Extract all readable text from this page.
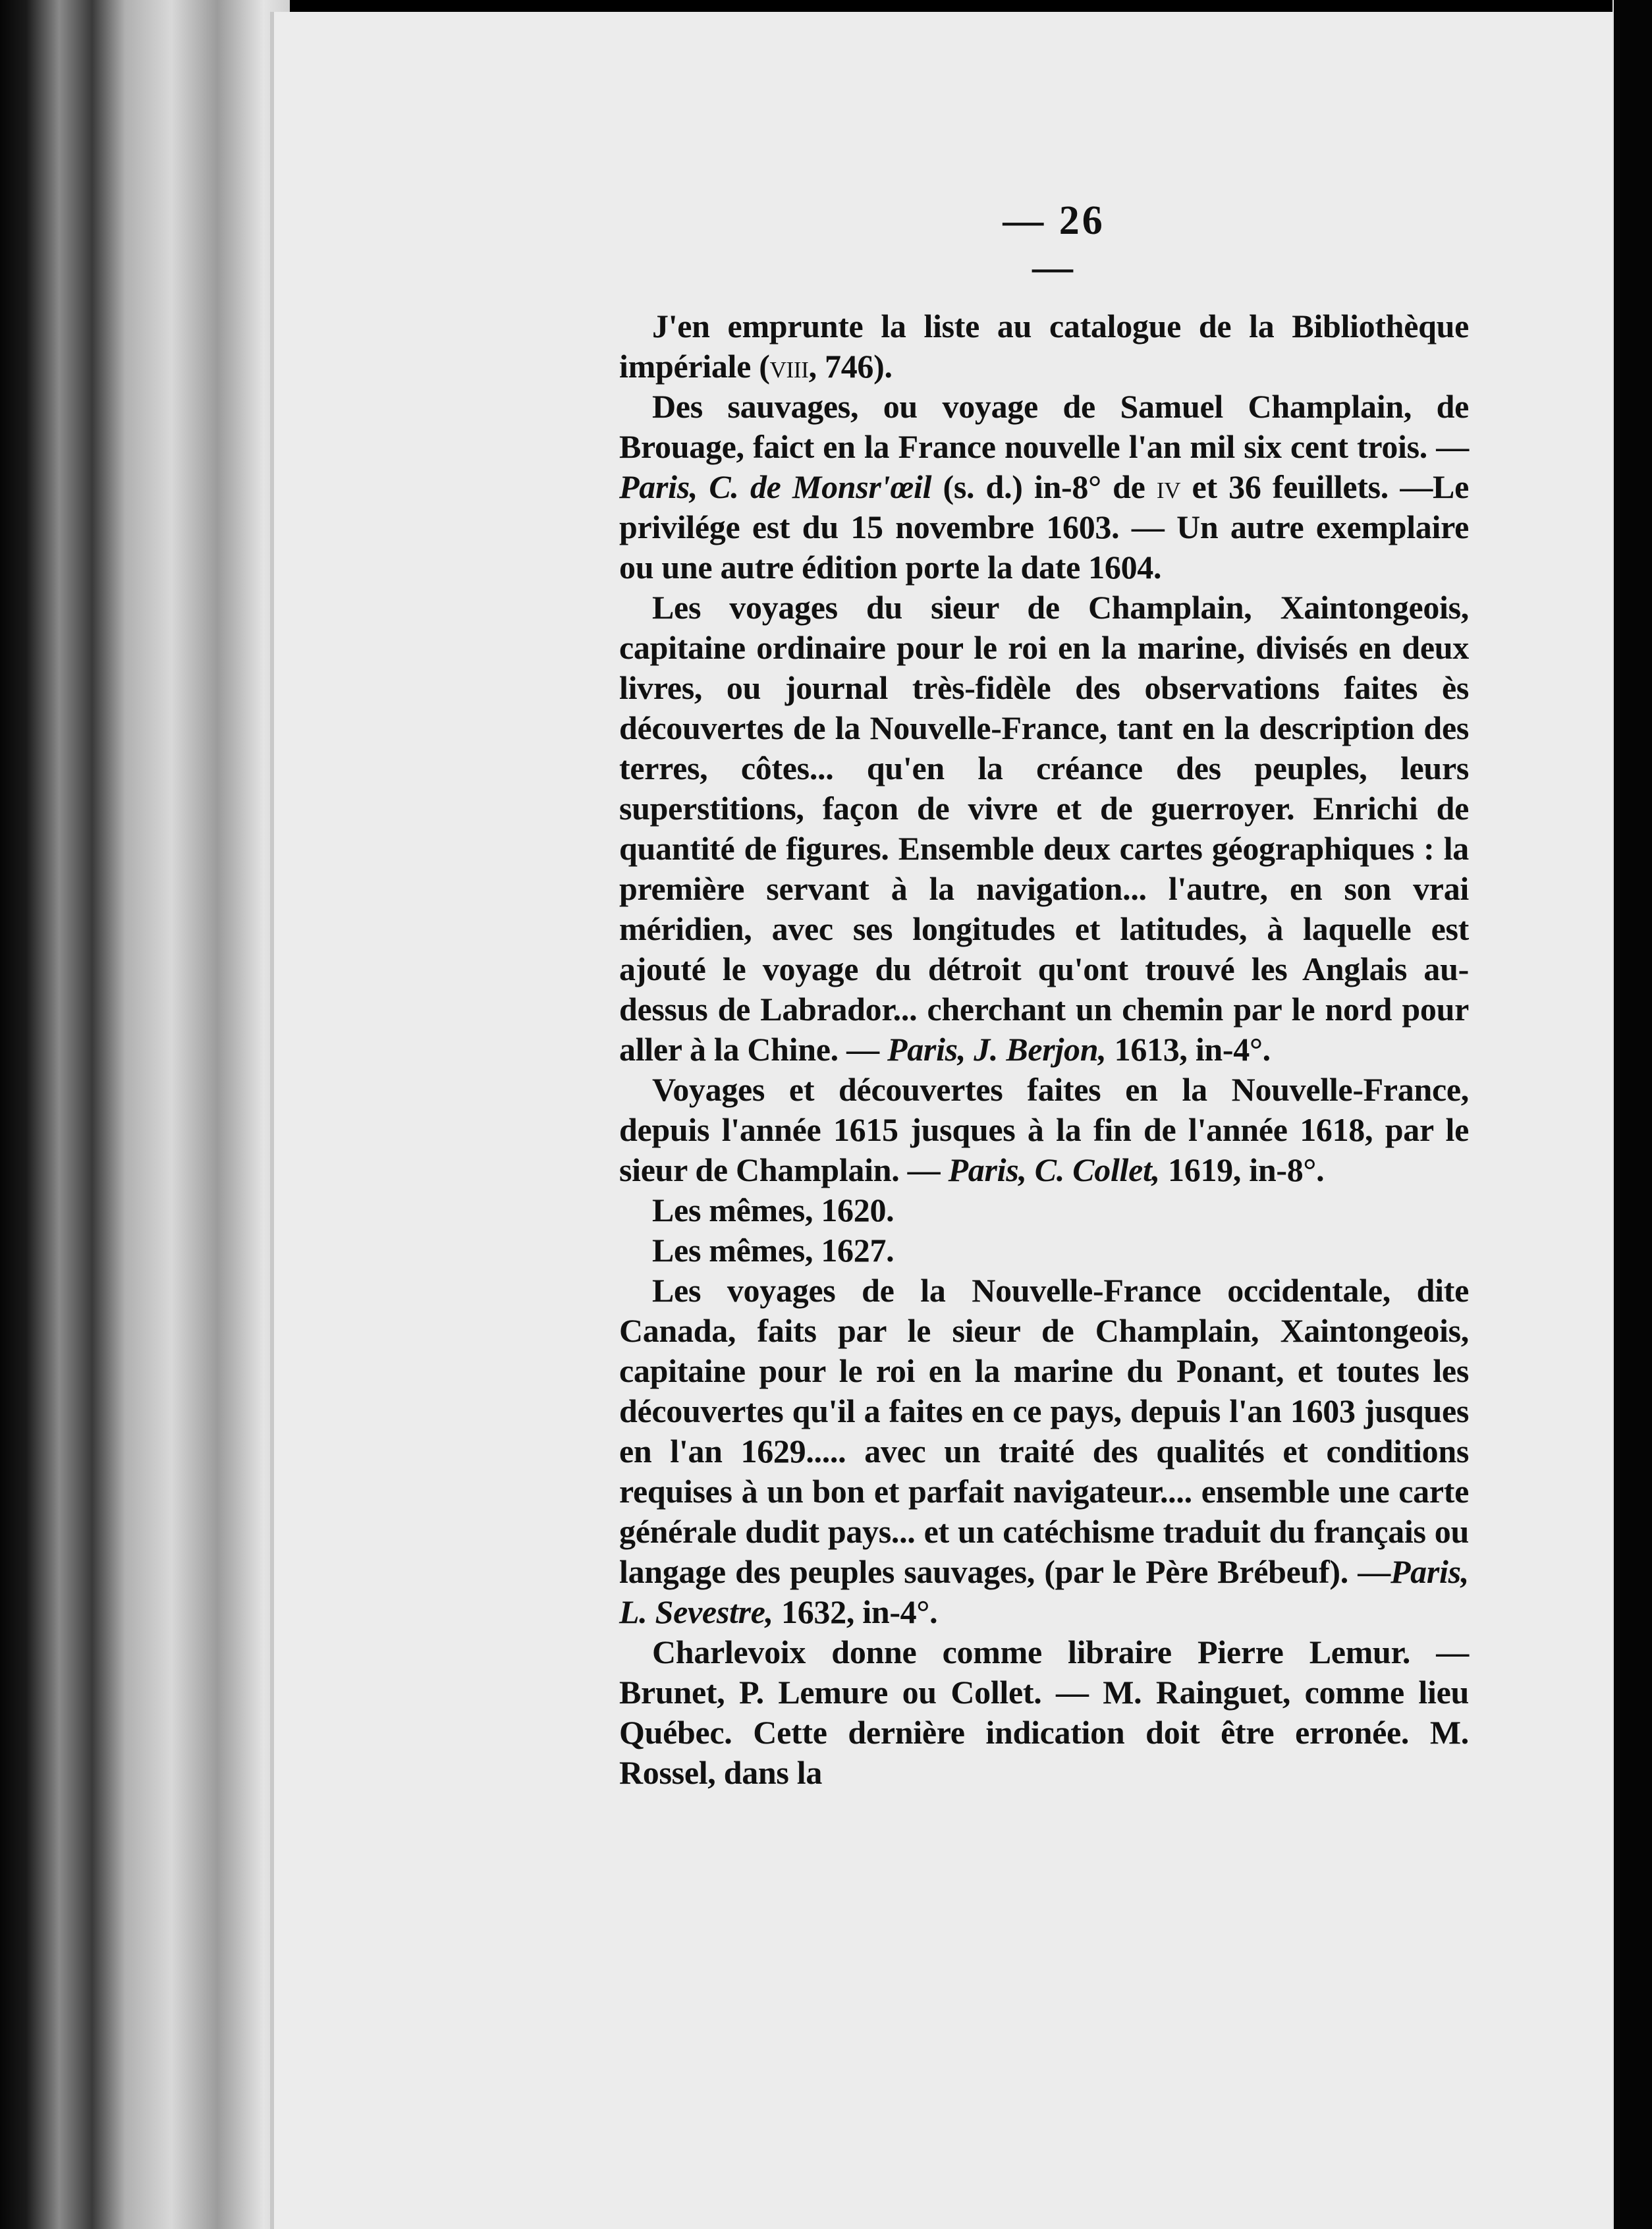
— 26 —

J'en emprunte la liste au catalogue de la Bibliothèque impériale (viii, 746).

Des sauvages, ou voyage de Samuel Champlain, de Brouage, faict en la France nouvelle l'an mil six cent trois. — Paris, C. de Monsr'œil (s. d.) in-8° de iv et 36 feuillets. —Le privilége est du 15 novembre 1603. — Un autre exemplaire ou une autre édition porte la date 1604.

Les voyages du sieur de Champlain, Xaintongeois, capitaine ordinaire pour le roi en la marine, divisés en deux livres, ou journal très-fidèle des observations faites ès découvertes de la Nouvelle-France, tant en la description des terres, côtes... qu'en la créance des peuples, leurs superstitions, façon de vivre et de guerroyer. Enrichi de quantité de figures. Ensemble deux cartes géographiques : la première servant à la navigation... l'autre, en son vrai méridien, avec ses longitudes et latitudes, à laquelle est ajouté le voyage du détroit qu'ont trouvé les Anglais au-dessus de Labrador... cherchant un chemin par le nord pour aller à la Chine. — Paris, J. Berjon, 1613, in-4°.

Voyages et découvertes faites en la Nouvelle-France, depuis l'année 1615 jusques à la fin de l'année 1618, par le sieur de Champlain. — Paris, C. Collet, 1619, in-8°.

Les mêmes, 1620.

Les mêmes, 1627.

Les voyages de la Nouvelle-France occidentale, dite Canada, faits par le sieur de Champlain, Xaintongeois, capitaine pour le roi en la marine du Ponant, et toutes les découvertes qu'il a faites en ce pays, depuis l'an 1603 jusques en l'an 1629..... avec un traité des qualités et conditions requises à un bon et parfait navigateur.... ensemble une carte générale dudit pays... et un catéchisme traduit du français ou langage des peuples sauvages, (par le Père Brébeuf). —Paris, L. Sevestre, 1632, in-4°.

Charlevoix donne comme libraire Pierre Lemur. — Brunet, P. Lemure ou Collet. — M. Rainguet, comme lieu Québec. Cette dernière indication doit être erronée. M. Rossel, dans la
